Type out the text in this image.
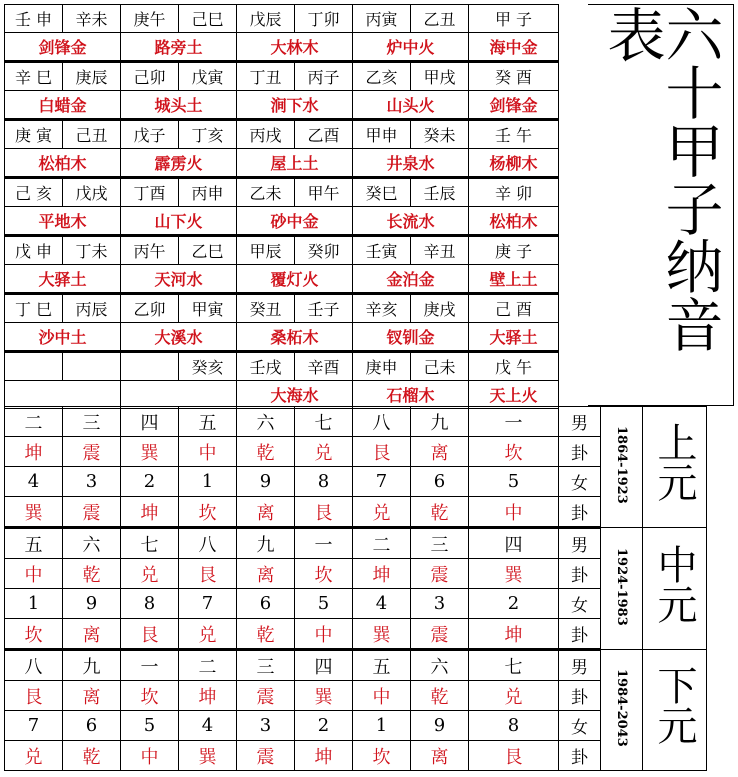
壬 申	辛未	庚午	己巳	戊辰	丁卯	丙寅	乙丑	甲 子
剑锋金		路旁土		大林木		炉中火		海中金
辛 巳	庚辰	己卯	戊寅	丁丑	丙子	乙亥	甲戌	癸 酉
白蜡金		城头土		涧下水		山头火		剑锋金
庚 寅	己丑	戊子	丁亥	丙戌	乙酉	甲申	癸未	壬 午
松柏木		霹雳火		屋上土		井泉水		杨柳木
己 亥	戊戌	丁酉	丙申	乙未	甲午	癸巳	壬辰	辛 卯
平地木		山下火		砂中金		长流水		松柏木
戊 申	丁未	丙午	乙巳	甲辰	癸卯	壬寅	辛丑	庚 子
大驿土		天河水		覆灯火		金泊金		壁上土
丁 巳	丙辰	乙卯	甲寅	癸丑	壬子	辛亥	庚戌	己 酉
沙中土		大溪水		桑柘木		钗钏金		大驿土
			癸亥	壬戌	辛酉	庚申	己未	戊 午
				大海水		石榴木		天上火
六十甲子纳音表
二	三	四	五	六	七	八	九	一	男	1864-1923	上元
坤	震	巽	中	乾	兑	艮	离	坎	卦		
4	3	2	1	9	8	7	6	5	女		
巽	震	坤	坎	离	艮	兑	乾	中	卦		
五	六	七	八	九	一	二	三	四	男	1924-1983	中元
中	乾	兑	艮	离	坎	坤	震	巽	卦		
1	9	8	7	6	5	4	3	2	女		
坎	离	艮	兑	乾	中	巽	震	坤	卦		
八	九	一	二	三	四	五	六	七	男	1984-2043	下元
艮	离	坎	坤	震	巽	中	乾	兑	卦		
7	6	5	4	3	2	1	9	8	女		
兑	乾	中	巽	震	坤	坎	离	艮	卦		
